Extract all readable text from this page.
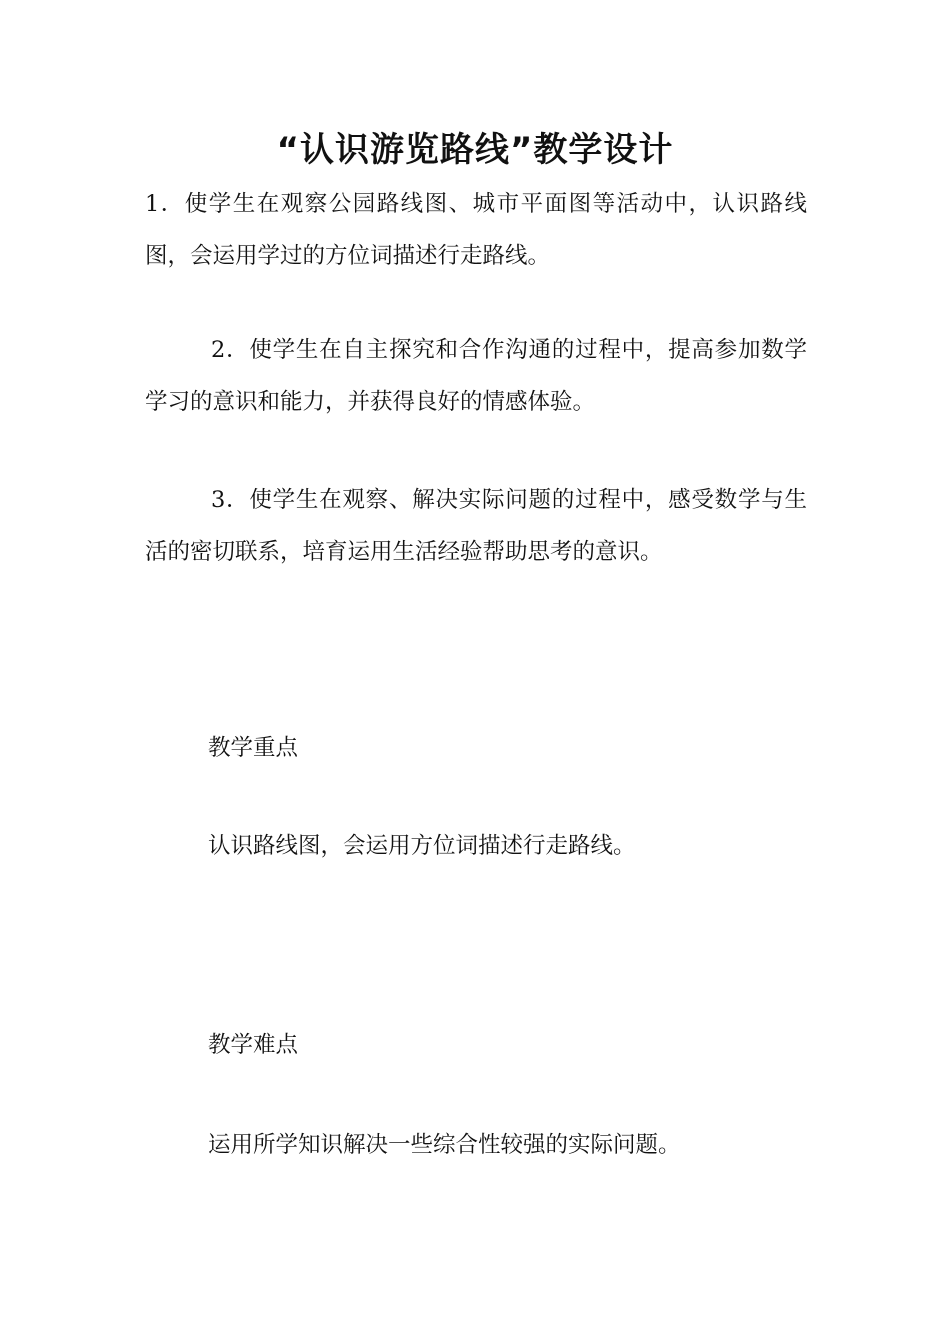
“认识游览路线”教学设计

1．使学生在观察公园路线图、城市平面图等活动中，认识路线图，会运用学过的方位词描述行走路线。

2．使学生在自主探究和合作沟通的过程中，提高参加数学学习的意识和能力，并获得良好的情感体验。

3．使学生在观察、解决实际问题的过程中，感受数学与生活的密切联系，培育运用生活经验帮助思考的意识。

教学重点

认识路线图，会运用方位词描述行走路线。

教学难点

运用所学知识解决一些综合性较强的实际问题。
